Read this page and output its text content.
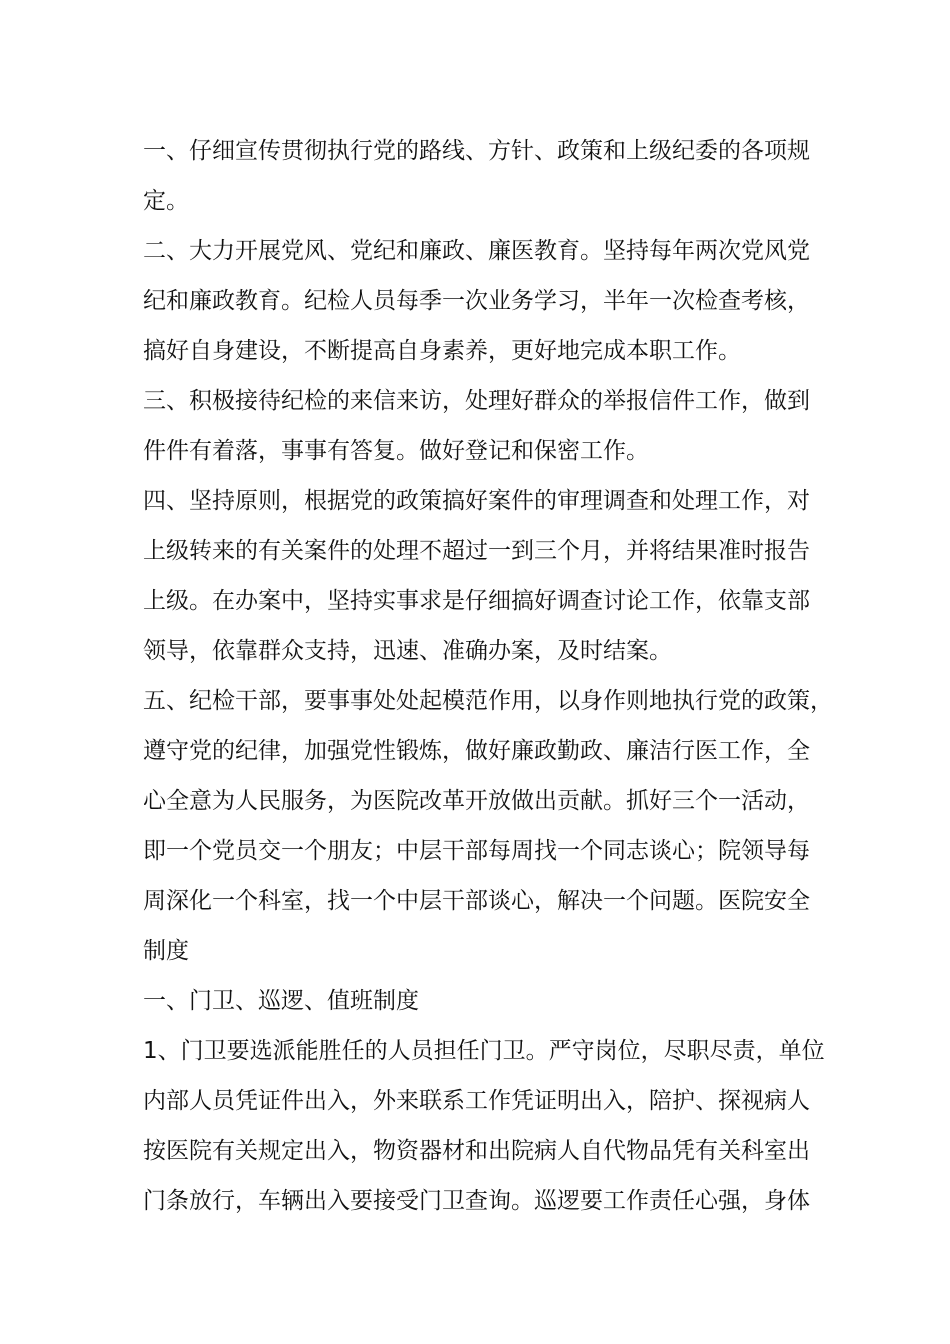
一、仔细宣传贯彻执行党的路线、方针、政策和上级纪委的各项规
定。
二、大力开展党风、党纪和廉政、廉医教育。坚持每年两次党风党
纪和廉政教育。纪检人员每季一次业务学习，半年一次检查考核，
搞好自身建设，不断提高自身素养，更好地完成本职工作。
三、积极接待纪检的来信来访，处理好群众的举报信件工作，做到
件件有着落，事事有答复。做好登记和保密工作。
四、坚持原则，根据党的政策搞好案件的审理调查和处理工作，对
上级转来的有关案件的处理不超过一到三个月，并将结果准时报告
上级。在办案中，坚持实事求是仔细搞好调查讨论工作，依靠支部
领导，依靠群众支持，迅速、准确办案，及时结案。
五、纪检干部，要事事处处起模范作用，以身作则地执行党的政策，
遵守党的纪律，加强党性锻炼，做好廉政勤政、廉洁行医工作，全
心全意为人民服务，为医院改革开放做出贡献。抓好三个一活动，
即一个党员交一个朋友；中层干部每周找一个同志谈心；院领导每
周深化一个科室，找一个中层干部谈心，解决一个问题。医院安全
制度
一、门卫、巡逻、值班制度
1、门卫要选派能胜任的人员担任门卫。严守岗位，尽职尽责，单位
内部人员凭证件出入，外来联系工作凭证明出入，陪护、探视病人
按医院有关规定出入，物资器材和出院病人自代物品凭有关科室出
门条放行，车辆出入要接受门卫查询。巡逻要工作责任心强，身体
